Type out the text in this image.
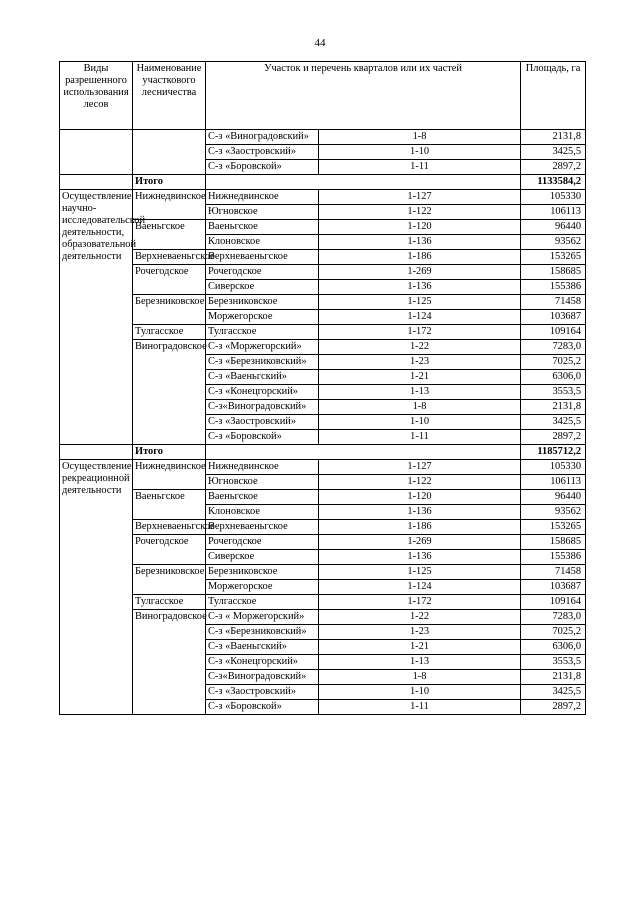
44
Виды разрешенного использования лесов	Наименование участкового лесничества	Участок и перечень кварталов или их частей		Площадь, га
		С-з «Виноградовский»	1-8	2131,8
		С-з «Заостровский»	1-10	3425,5
		С-з «Боровской»	1-11	2897,2
	Итого			1133584,2
Осуществление научно-исследовательской деятельности, образовательной деятельности	Нижнедвинское	Нижнедвинское	1-127	105330
		Югновское	1-122	106113
	Ваеньгское	Ваеньгское	1-120	96440
		Клоновское	1-136	93562
	Верхневаеньгское	Верхневаеньгское	1-186	153265
	Рочегодское	Рочегодское	1-269	158685
		Сиверское	1-136	155386
	Березниковское	Березниковское	1-125	71458
		Моржегорское	1-124	103687
	Тулгасское	Тулгасское	1-172	109164
	Виноградовское	С-з «Моржегорский»	1-22	7283,0
		С-з «Березниковский»	1-23	7025,2
		С-з «Ваеньгский»	1-21	6306,0
		С-з «Конецгорский»	1-13	3553,5
		С-з«Виноградовский»	1-8	2131,8
		С-з «Заостровский»	1-10	3425,5
		С-з «Боровской»	1-11	2897,2
	Итого			1185712,2
Осуществление рекреационной деятельности	Нижнедвинское	Нижнедвинское	1-127	105330
		Югновское	1-122	106113
	Ваеньгское	Ваеньгское	1-120	96440
		Клоновское	1-136	93562
	Верхневаеньгское	Верхневаеньгское	1-186	153265
	Рочегодское	Рочегодское	1-269	158685
		Сиверское	1-136	155386
	Березниковское	Березниковское	1-125	71458
		Моржегорское	1-124	103687
	Тулгасское	Тулгасское	1-172	109164
	Виноградовское	С-з « Моржегорский»	1-22	7283,0
		С-з «Березниковский»	1-23	7025,2
		С-з «Ваеньгский»	1-21	6306,0
		С-з «Конецгорский»	1-13	3553,5
		С-з«Виноградовский»	1-8	2131,8
		С-з «Заостровский»	1-10	3425,5
		С-з «Боровской»	1-11	2897,2
